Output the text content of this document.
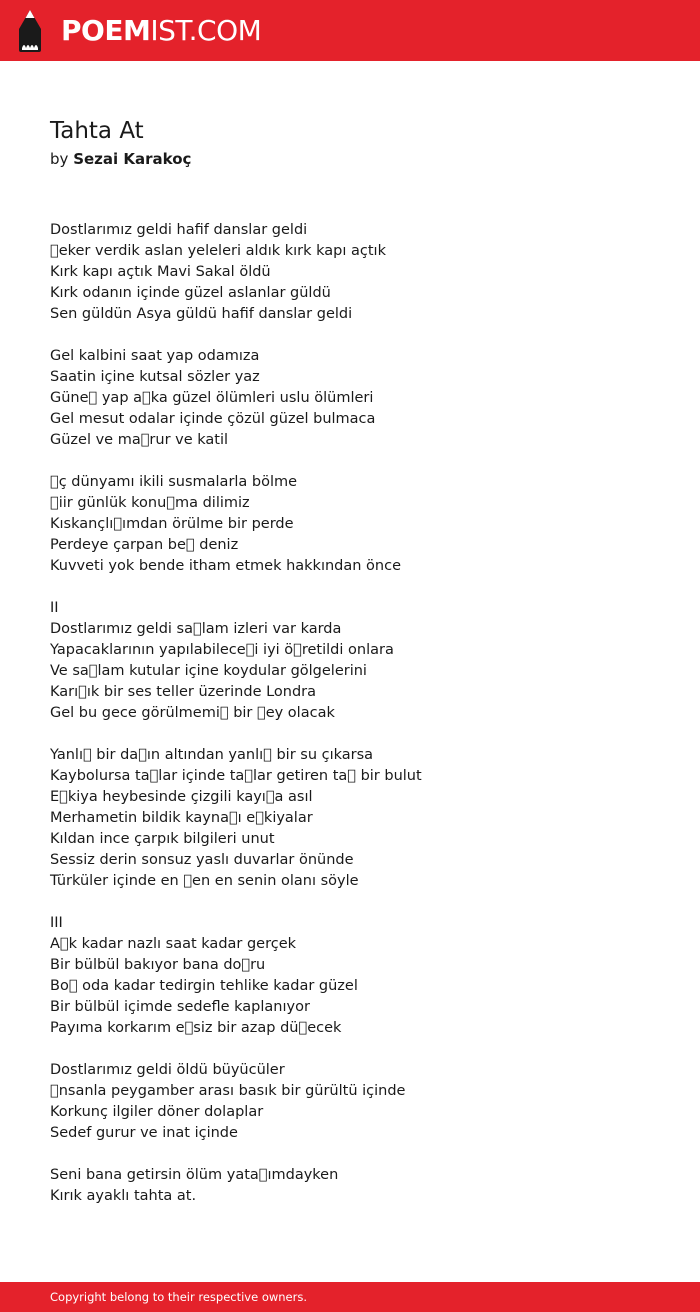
POEMIST.COM
Tahta At
by Sezai Karakoç
Dostlarımız geldi hafif danslar geldi
 eker verdik aslan yeleleri aldık kırk kapı açtık
Kırk kapı açtık Mavi Sakal öldü
Kırk odanın içinde güzel aslanlar güldü
Sen güldün Asya güldü hafif danslar geldi
Gel kalbini saat yap odamıza
Saatin içine kutsal sözler yaz
Güne  yap a ka güzel ölümleri uslu ölümleri
Gel mesut odalar içinde çözül güzel bulmaca
Güzel ve ma rur ve katil
 ç dünyamı ikili susmalarla bölme
 iir günlük konu ma dilimiz
Kıskançlı ımdan örülme bir perde
Perdeye çarpan be  deniz
Kuvveti yok bende itham etmek hakkından önce
II
Dostlarımız geldi sa lam izleri var karda
Yapacaklarının yapılabilece i iyi ö retildi onlara
Ve sa lam kutular içine koydular gölgelerini
Karı ık bir ses teller üzerinde Londra
Gel bu gece görülmemi  bir  ey olacak
Yanlı  bir da ın altından yanlı  bir su çıkarsa
Kaybolursa ta lar içinde ta lar getiren ta  bir bulut
E kiya heybesinde çizgili kayı a asıl
Merhametin bildik kayna ı e kiyalar
Kıldan ince çarpık bilgileri unut
Sessiz derin sonsuz yaslı duvarlar önünde
Türküler içinde en  en en senin olanı söyle
III
A k kadar nazlı saat kadar gerçek
Bir bülbül bakıyor bana do ru
Bo  oda kadar tedirgin tehlike kadar güzel
Bir bülbül içimde sedefle kaplanıyor
Payıma korkarım e siz bir azap dü ecek
Dostlarımız geldi öldü büyücüler
 nsanla peygamber arası basık bir gürültü içinde
Korkunç ilgiler döner dolaplar
Sedef gurur ve inat içinde
Seni bana getirsin ölüm yata ımdayken
Kırık ayaklı tahta at.
Copyright belong to their respective owners.
